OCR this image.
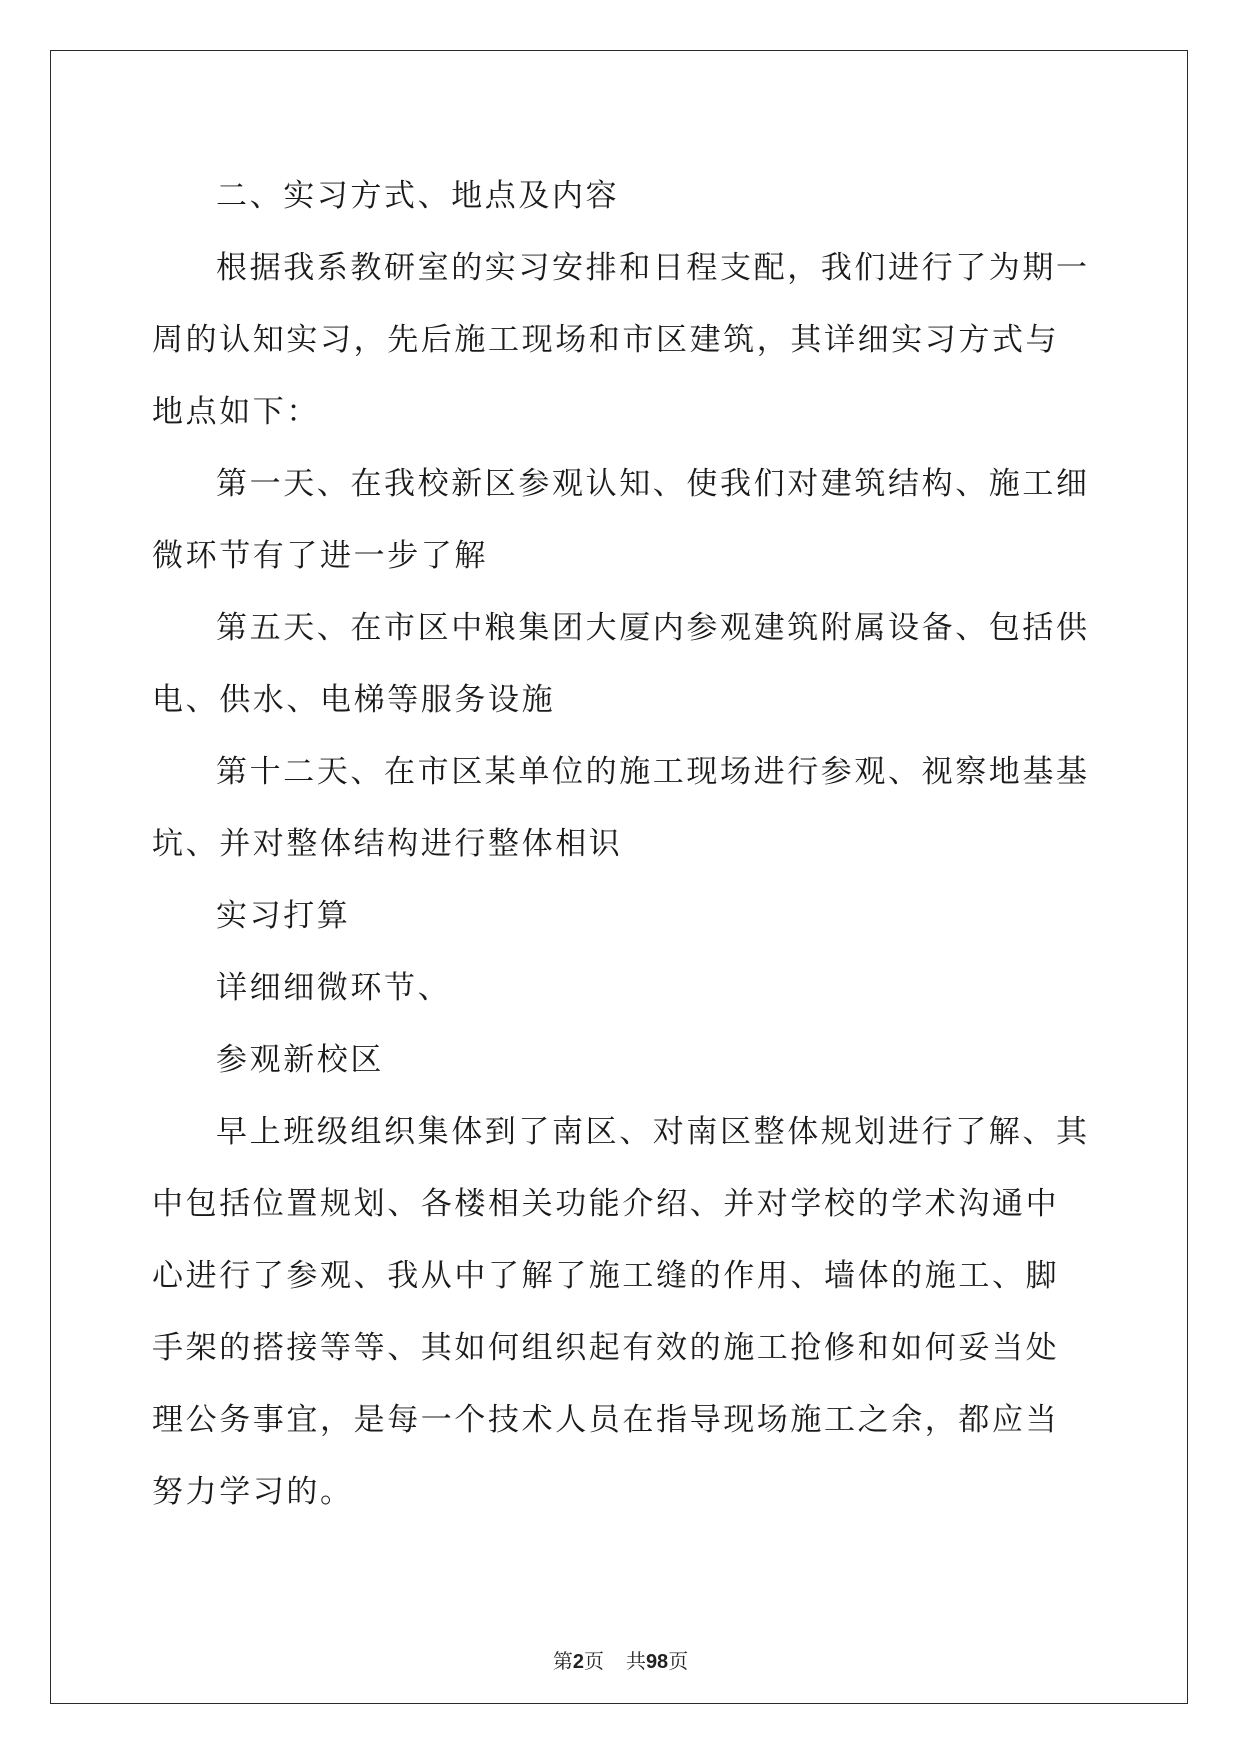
二、实习方式、地点及内容

根据我系教研室的实习安排和日程支配，我们进行了为期一周的认知实习，先后施工现场和市区建筑，其详细实习方式与地点如下：

第一天、在我校新区参观认知、使我们对建筑结构、施工细微环节有了进一步了解

第五天、在市区中粮集团大厦内参观建筑附属设备、包括供电、供水、电梯等服务设施

第十二天、在市区某单位的施工现场进行参观、视察地基基坑、并对整体结构进行整体相识

实习打算

详细细微环节、

参观新校区

早上班级组织集体到了南区、对南区整体规划进行了解、其中包括位置规划、各楼相关功能介绍、并对学校的学术沟通中心进行了参观、我从中了解了施工缝的作用、墙体的施工、脚手架的搭接等等、其如何组织起有效的施工抢修和如何妥当处理公务事宜，是每一个技术人员在指导现场施工之余，都应当努力学习的。

第2页 共98页
